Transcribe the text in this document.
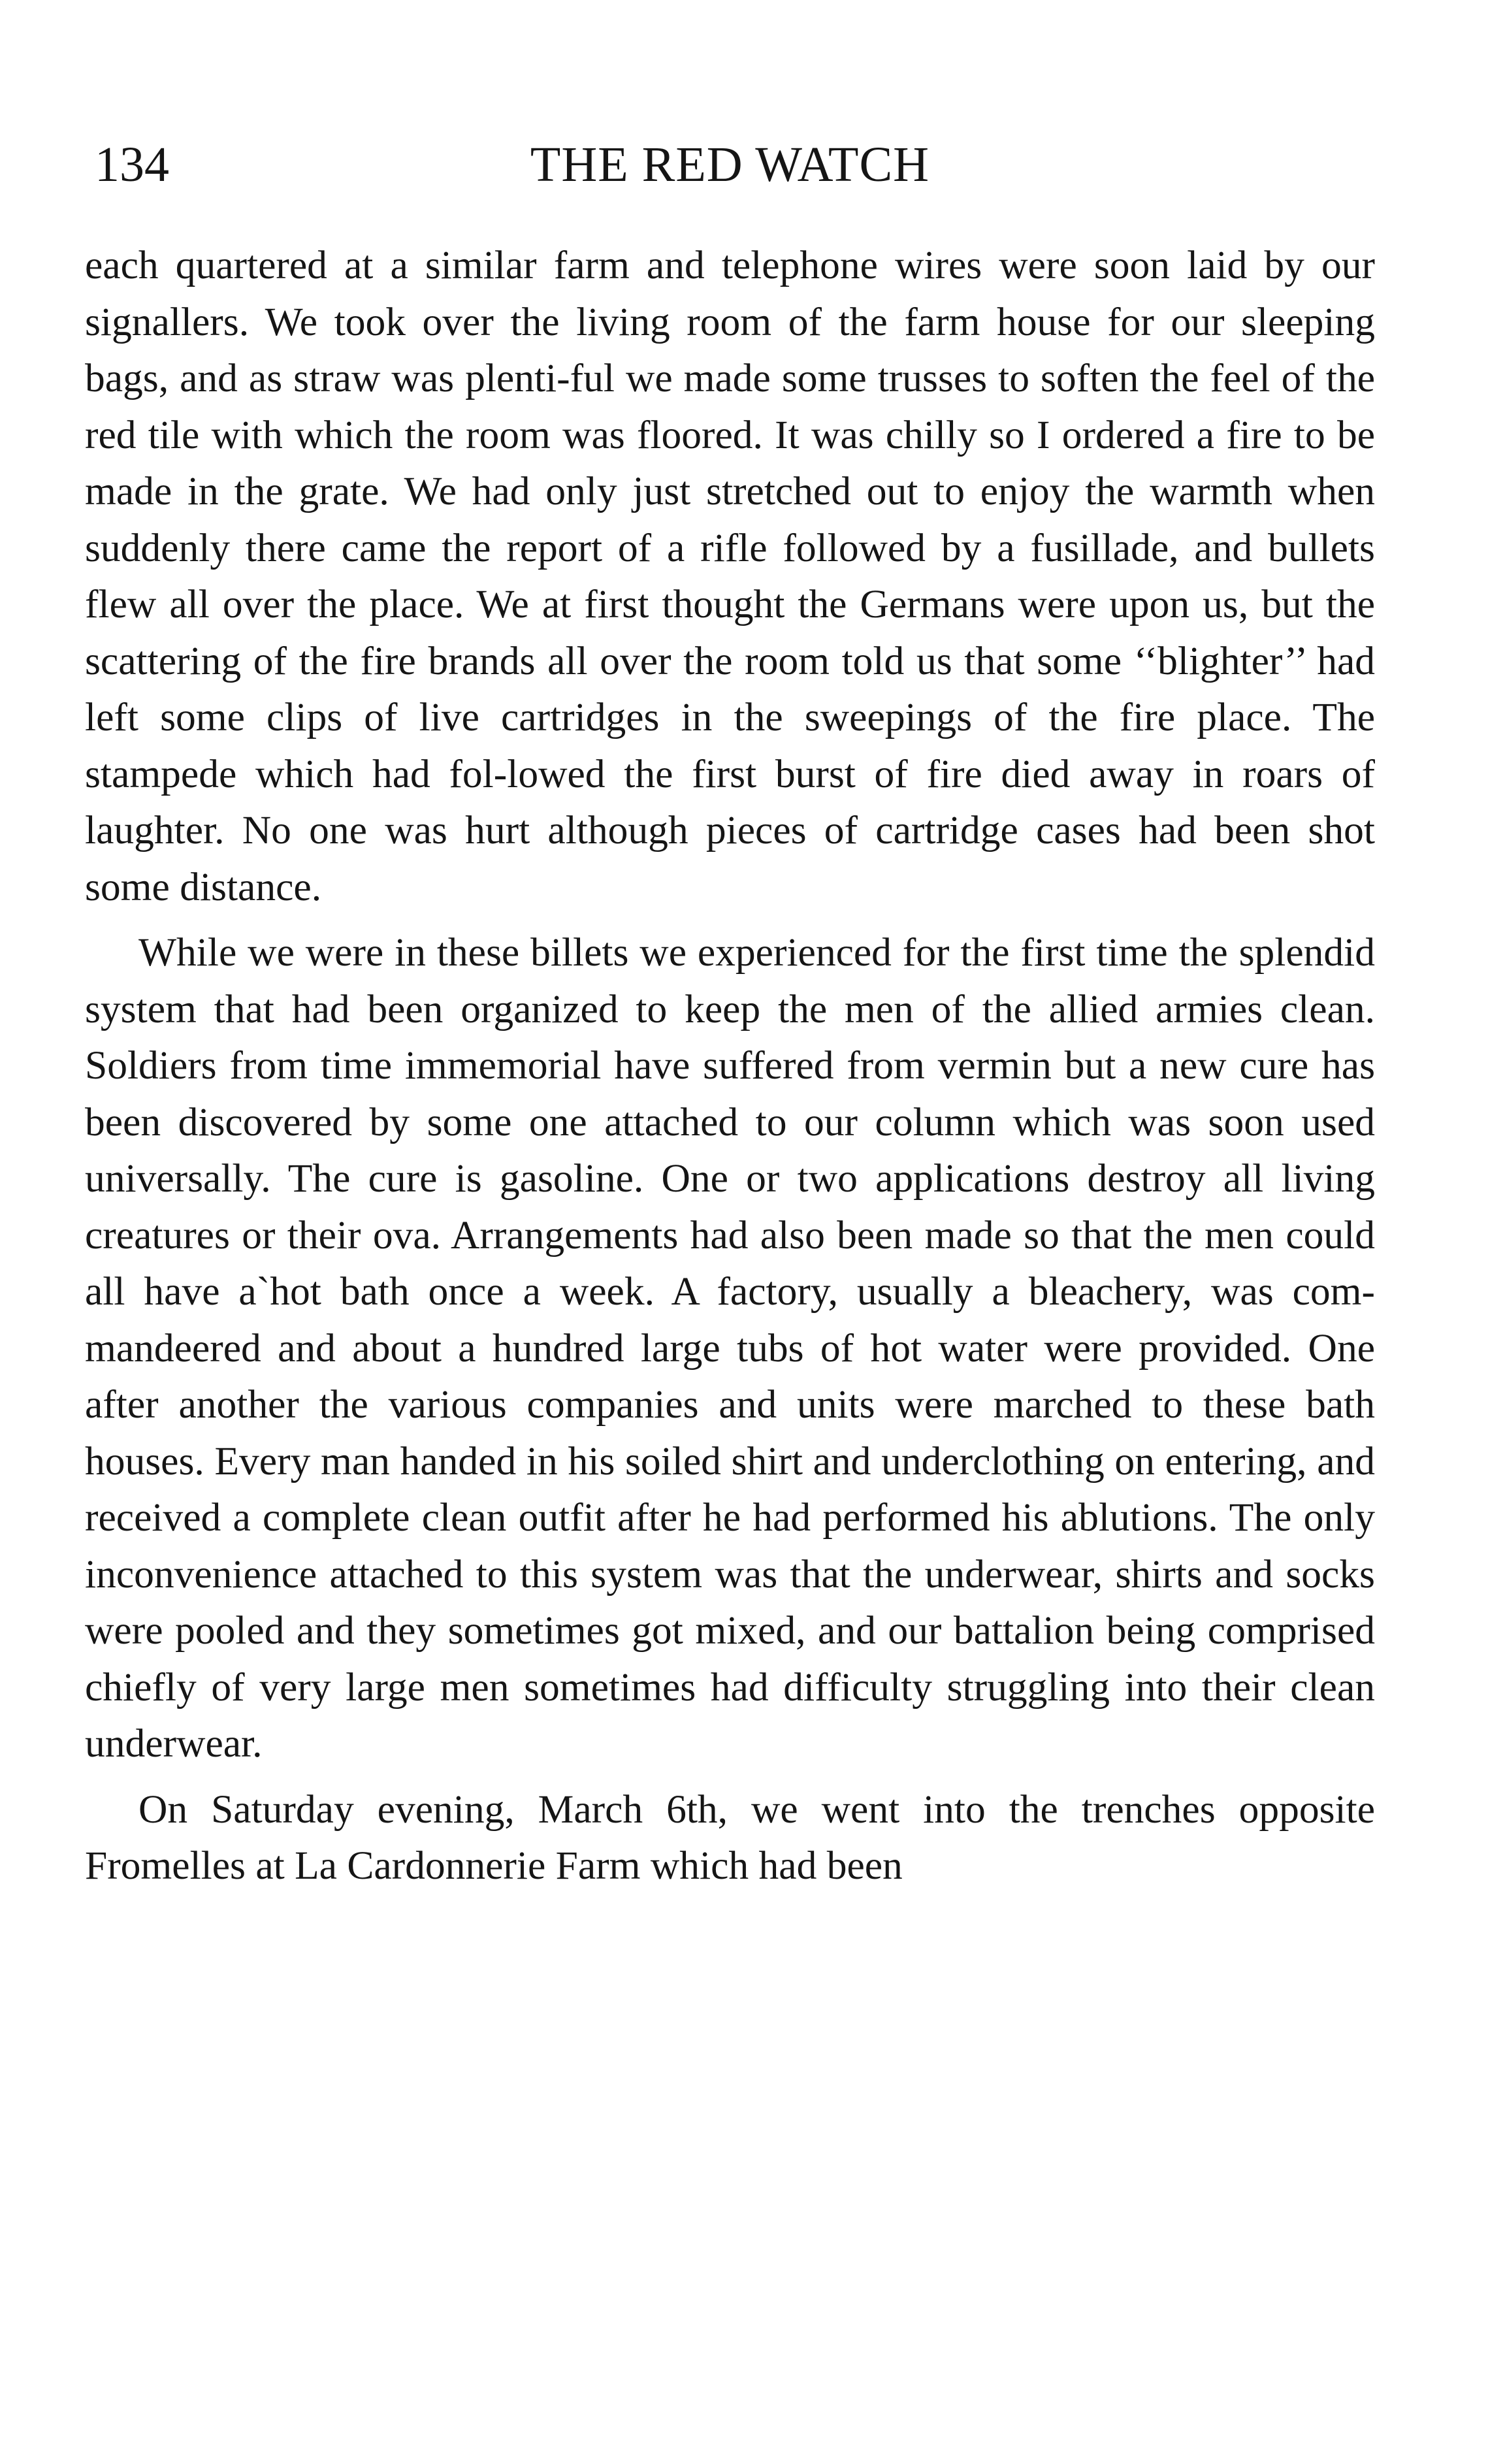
134	THE RED WATCH

each quartered at a similar farm and telephone wires were soon laid by our signallers. We took over the living room of the farm house for our sleeping bags, and as straw was plenti-ful we made some trusses to soften the feel of the red tile with which the room was floored. It was chilly so I ordered a fire to be made in the grate. We had only just stretched out to enjoy the warmth when suddenly there came the report of a rifle followed by a fusillade, and bullets flew all over the place. We at first thought the Germans were upon us, but the scattering of the fire brands all over the room told us that some ‘‘blighter’’ had left some clips of live cartridges in the sweepings of the fire place. The stampede which had fol-lowed the first burst of fire died away in roars of laughter. No one was hurt although pieces of cartridge cases had been shot some distance.

While we were in these billets we experienced for the first time the splendid system that had been organized to keep the men of the allied armies clean. Soldiers from time immemorial have suffered from vermin but a new cure has been discovered by some one attached to our column which was soon used universally. The cure is gasoline. One or two applications destroy all living creatures or their ova. Arrangements had also been made so that the men could all have a`hot bath once a week. A factory, usually a bleachery, was com-mandeered and about a hundred large tubs of hot water were provided. One after another the various companies and units were marched to these bath houses. Every man handed in his soiled shirt and underclothing on entering, and received a complete clean outfit after he had performed his ablutions. The only inconvenience attached to this system was that the underwear, shirts and socks were pooled and they sometimes got mixed, and our battalion being comprised chiefly of very large men sometimes had difficulty struggling into their clean underwear.

On Saturday evening, March 6th, we went into the trenches opposite Fromelles at La Cardonnerie Farm which had been
